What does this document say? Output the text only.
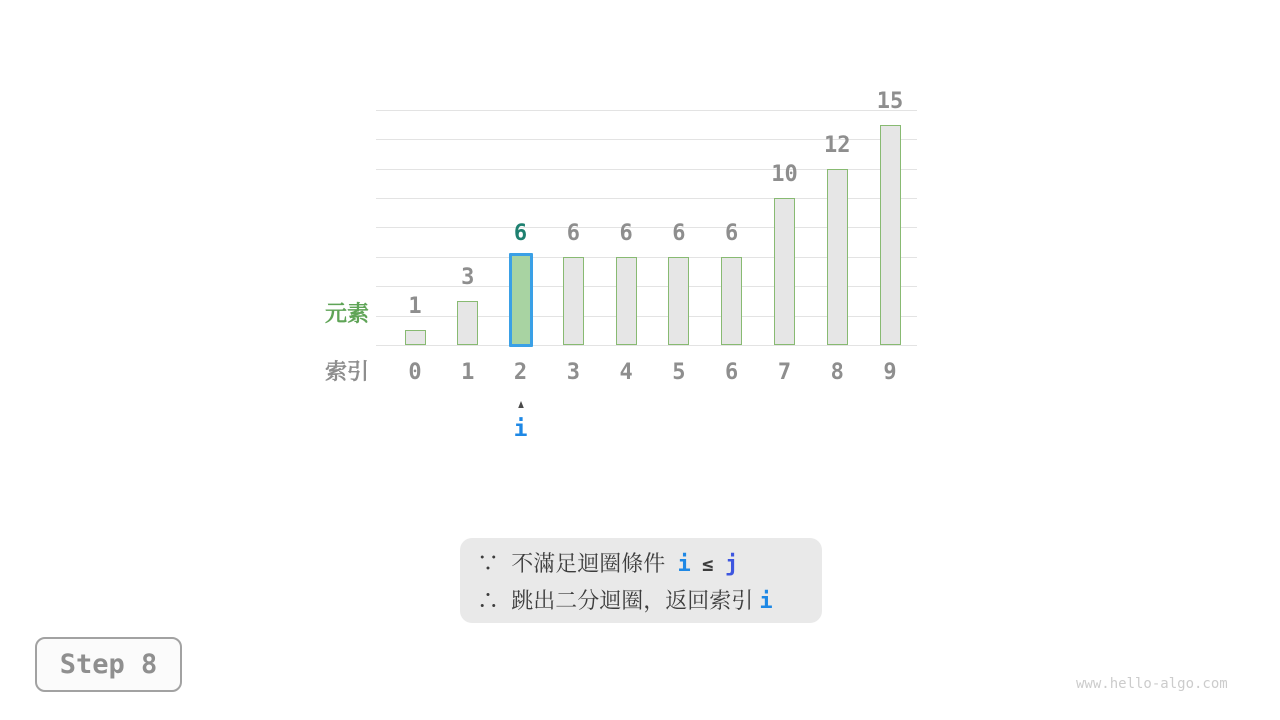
1
0
3
1
6
2
6
3
6
4
6
5
6
6
10
7
12
8
15
9
元素
索引
▲
i
∵  不滿足迴圈條件  i ≤ j
∴  跳出二分迴圈，返回索引 i
Step 8
www.hello-algo.com
